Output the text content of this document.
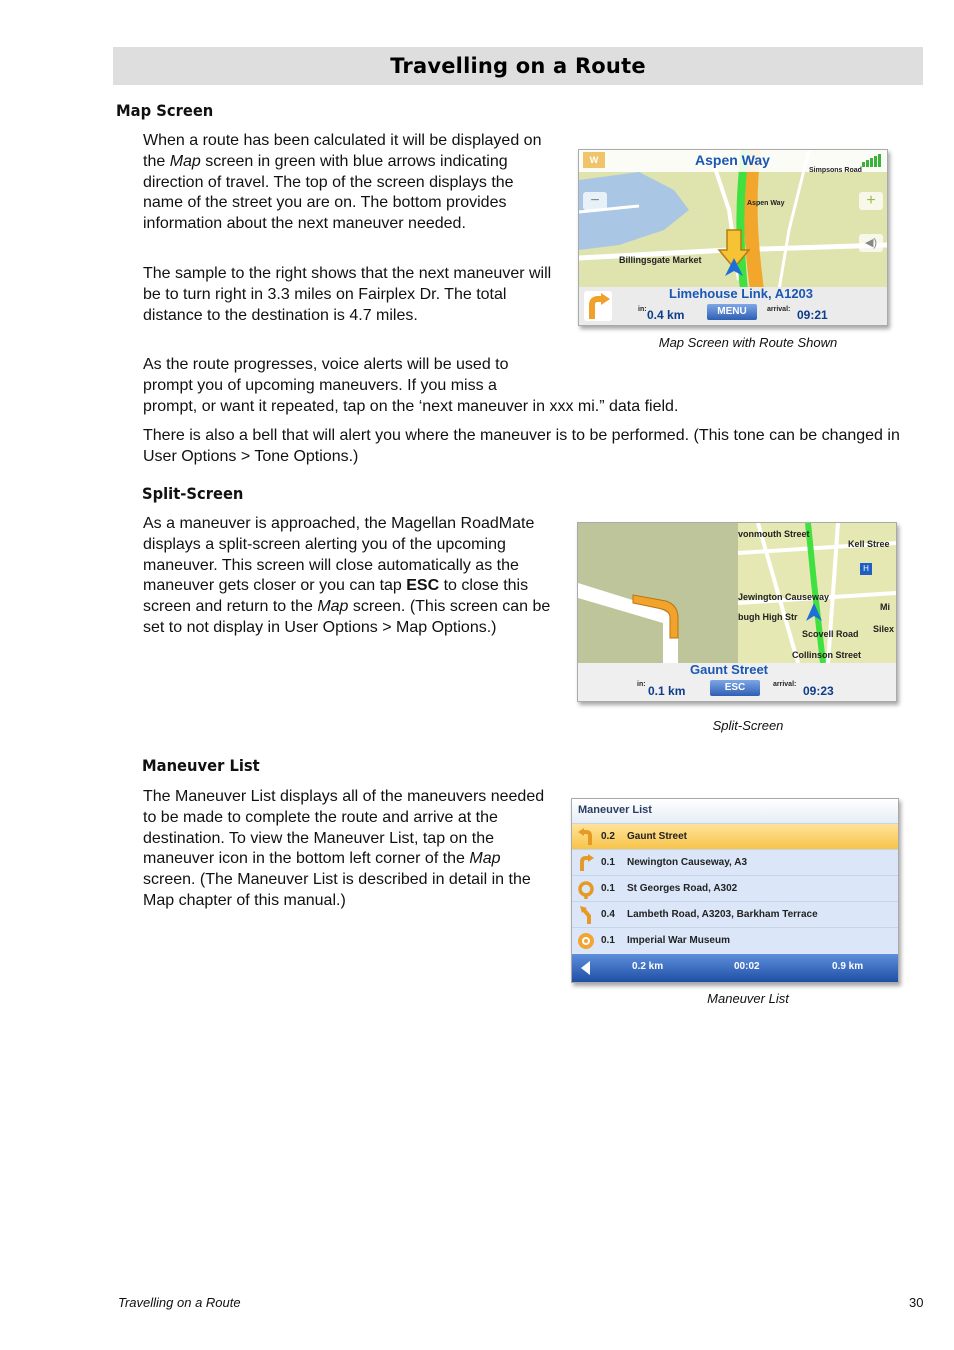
Travelling on a Route
Map Screen

When a route has been calculated it will be displayed on the Map screen in green with blue arrows indicating direction of travel. The top of the screen displays the name of the street you are on. The bottom provides information about the next maneuver needed.

The sample to the right shows that the next maneuver will be to turn right in 3.3 miles on Fairplex Dr. The total distance to the destination is 4.7 miles.

As the route progresses, voice alerts will be used to
prompt you of upcoming maneuvers. If you miss a
prompt, or want it repeated, tap on the ‘next maneuver in xxx mi.” data field.

There is also a bell that will alert you where the maneuver is to be performed. (This tone can be changed in User Options > Tone Options.)

W	Aspen Way
Simpsons Road
Aspen Way
Billingsgate Market
−	+
◀)
Limehouse Link, A1203
in: 0.4 km	MENU	arrival: 09:21
Map Screen with Route Shown
Split-Screen

As a maneuver is approached, the Magellan RoadMate displays a split-screen alerting you of the upcoming maneuver. This screen will close automatically as the maneuver gets closer or you can tap ESC to close this screen and return to the Map screen. (This screen can be set to not display in User Options > Map Options.)

vonmouth Street
Kell Stree
Jewington Causeway
bugh High Str
Scovell Road
Collinson Street
Mi
Silex
H
Gaunt Street
in: 0.1 km	ESC	arrival: 09:23
Split-Screen
Maneuver List

The Maneuver List displays all of the maneuvers needed to be made to complete the route and arrive at the destination. To view the Maneuver List, tap on the maneuver icon in the bottom left corner of the Map screen. (The Maneuver List is described in detail in the Map chapter of this manual.)

Maneuver List
0.2	Gaunt Street
0.1	Newington Causeway, A3
0.1	St Georges Road, A302
0.4	Lambeth Road, A3203, Barkham Terrace
0.1	Imperial War Museum
0.2 km	00:02	0.9 km
Maneuver List
Travelling on a Route	30
